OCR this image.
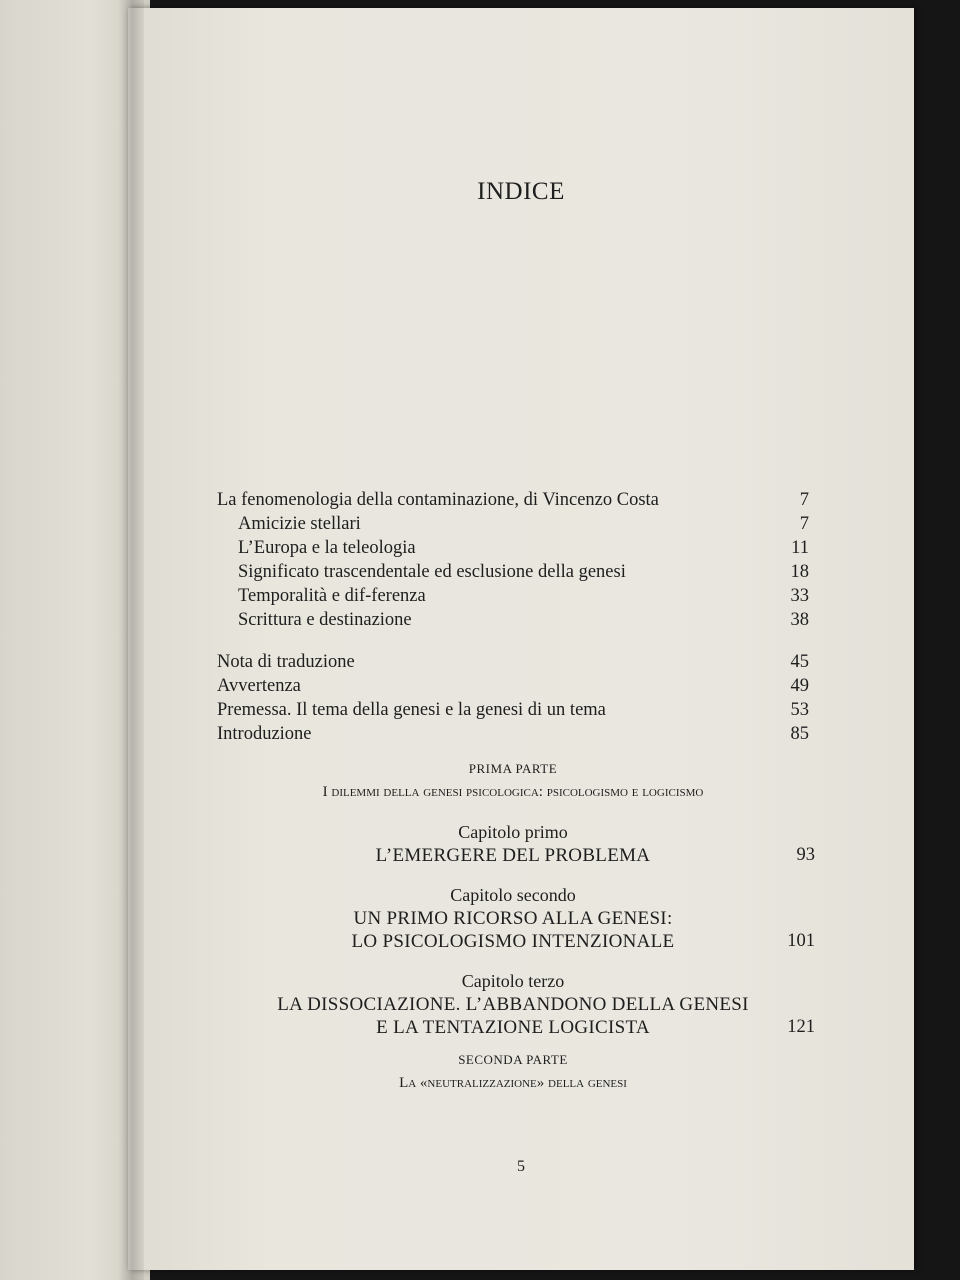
INDICE
La fenomenologia della contaminazione, di Vincenzo Costa	7
Amicizie stellari	7
L’Europa e la teleologia	11
Significato trascendentale ed esclusione della genesi	18
Temporalità e dif-ferenza	33
Scrittura e destinazione	38
Nota di traduzione	45
Avvertenza	49
Premessa. Il tema della genesi e la genesi di un tema	53
Introduzione	85
PRIMA PARTE
I dilemmi della genesi psicologica: psicologismo e logicismo
Capitolo primo
L’EMERGERE DEL PROBLEMA	93
Capitolo secondo
UN PRIMO RICORSO ALLA GENESI:
LO PSICOLOGISMO INTENZIONALE	101
Capitolo terzo
LA DISSOCIAZIONE. L’ABBANDONO DELLA GENESI
E LA TENTAZIONE LOGICISTA	121
SECONDA PARTE
La «neutralizzazione» della genesi
5
